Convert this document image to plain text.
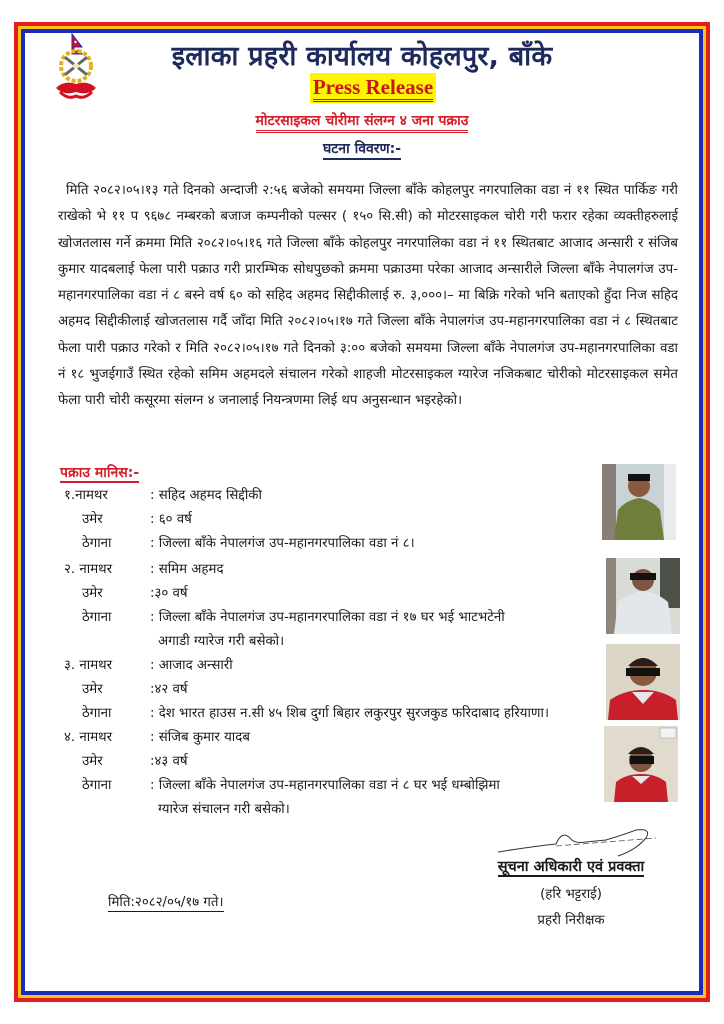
इलाका प्रहरी कार्यालय कोहलपुर, बाँके
Press Release
मोटरसाइकल चोरीमा संलग्न ४ जना पक्राउ
घटना विवरण:-
मिति २०८२।०५।१३ गते दिनको अन्दाजी २:५६ बजेको समयमा जिल्ला बाँके कोहलपुर नगरपालिका वडा नं ११ स्थित पार्किङ गरी राखेको भे ११ प ९६७८ नम्बरको बजाज कम्पनीको पल्सर ( १५० सि.सी) को मोटरसाइकल चोरी गरी फरार रहेका व्यक्तीहरुलाई खोजतलास गर्ने क्रममा मिति २०८२।०५।१६ गते जिल्ला बाँके कोहलपुर नगरपालिका वडा नं ११ स्थितबाट आजाद अन्सारी र संजिब कुमार यादबलाई फेला पारी पक्राउ गरी प्रारम्भिक सोधपुछको क्रममा पक्राउमा परेका आजाद अन्सारीले जिल्ला बाँके नेपालगंज उप-महानगरपालिका वडा नं ८ बस्ने वर्ष ६० को सहिद अहमद सिद्दीकीलाई रु. ३,०००।– मा बिक्रि गरेको भनि बताएको हुँदा निज सहिद अहमद सिद्दीकीलाई खोजतलास गर्दै जाँदा मिति २०८२।०५।१७ गते जिल्ला बाँके नेपालगंज उप-महानगरपालिका वडा नं ८ स्थितबाट फेला पारी पक्राउ गरेको र मिति २०८२।०५।१७ गते दिनको ३:०० बजेको समयमा जिल्ला बाँके नेपालगंज उप-महानगरपालिका वडा नं १८ भुजईगाउँ स्थित रहेको समिम अहमदले संचालन गरेको शाहजी मोटरसाइकल ग्यारेज नजिकबाट चोरीको मोटरसाइकल समेत फेला पारी चोरी कसूरमा संलग्न ४ जनालाई नियन्त्रणमा लिई थप अनुसन्धान भइरहेको।
पक्राउ मानिस:-
१.नामथर	: सहिद अहमद सिद्दीकी
उमेर	: ६० वर्ष
ठेगाना	: जिल्ला बाँके नेपालगंज उप-महानगरपालिका वडा नं ८।
२. नामथर	: समिम अहमद
उमेर	:३० वर्ष
ठेगाना	: जिल्ला बाँके नेपालगंज उप-महानगरपालिका वडा नं १७ घर भई भाटभटेनी
अगाडी ग्यारेज गरी बसेको।
३. नामथर	: आजाद अन्सारी
उमेर	:४२ वर्ष
ठेगाना	: देश भारत हाउस न.सी ४५ शिब दुर्गा बिहार लकुरपुर सुरजकुड फरिदाबाद हरियाणा।
४. नामथर	: संजिब कुमार यादब
उमेर	:४३ वर्ष
ठेगाना	: जिल्ला बाँके नेपालगंज उप-महानगरपालिका वडा नं ८ घर भई धम्बोझिमा
ग्यारेज संचालन गरी बसेको।
मिति:२०८२/०५/१७ गते।
सूचना अधिकारी एवं प्रवक्ता
(हरि भट्टराई)
प्रहरी निरीक्षक
